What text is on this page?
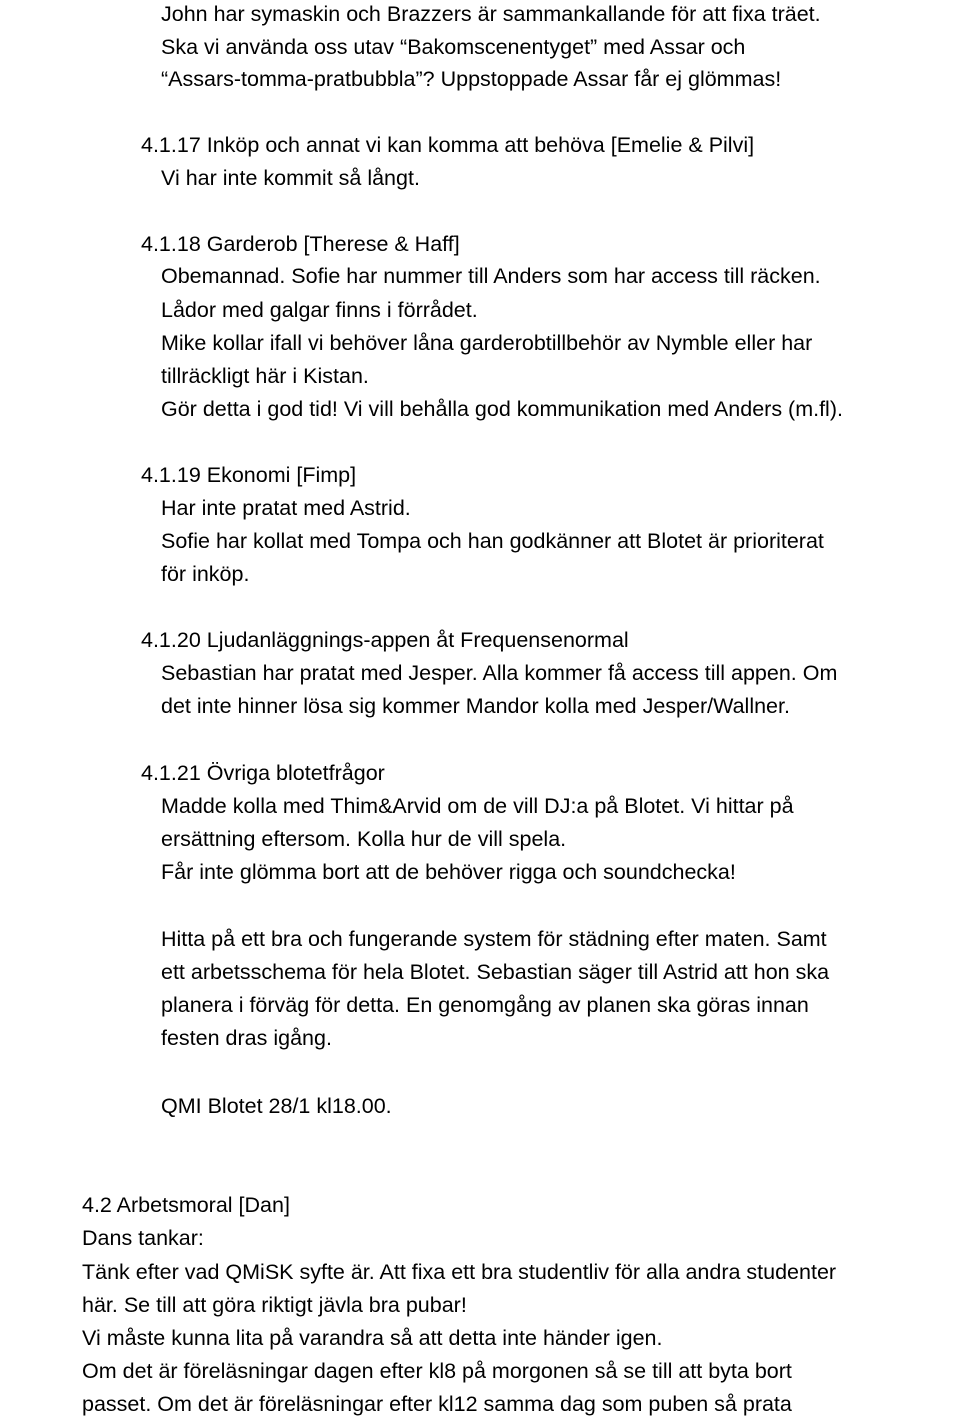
John har symaskin och Brazzers är sammankallande för att fixa träet.
Ska vi använda oss utav “Bakomscenentyget” med Assar och
“Assars-tomma-pratbubbla”? Uppstoppade Assar får ej glömmas!
4.1.17 Inköp och annat vi kan komma att behöva [Emelie & Pilvi]
Vi har inte kommit så långt.
4.1.18 Garderob [Therese & Haff]
Obemannad. Sofie har nummer till Anders som har access till räcken.
Lådor med galgar finns i förrådet.
Mike kollar ifall vi behöver låna garderobtillbehör av Nymble eller har
tillräckligt här i Kistan.
Gör detta i god tid! Vi vill behålla god kommunikation med Anders (m.fl).
4.1.19 Ekonomi [Fimp]
Har inte pratat med Astrid.
Sofie har kollat med Tompa och han godkänner att Blotet är prioriterat
för inköp.
4.1.20 Ljudanläggnings-appen åt Frequensenormal
Sebastian har pratat med Jesper. Alla kommer få access till appen. Om
det inte hinner lösa sig kommer Mandor kolla med Jesper/Wallner.
4.1.21 Övriga blotetfrågor
Madde kolla med Thim&Arvid om de vill DJ:a på Blotet. Vi hittar på
ersättning eftersom. Kolla hur de vill spela.
Får inte glömma bort att de behöver rigga och soundchecka!
Hitta på ett bra och fungerande system för städning efter maten. Samt
ett arbetsschema för hela Blotet. Sebastian säger till Astrid att hon ska
planera i förväg för detta. En genomgång av planen ska göras innan
festen dras igång.
QMI Blotet 28/1 kl18.00.
4.2 Arbetsmoral [Dan]
Dans tankar:
Tänk efter vad QMiSK syfte är. Att fixa ett bra studentliv för alla andra studenter
här. Se till att göra riktigt jävla bra pubar!
Vi måste kunna lita på varandra så att detta inte händer igen.
Om det är föreläsningar dagen efter kl8 på morgonen så se till att byta bort
passet. Om det är föreläsningar efter kl12 samma dag som puben så prata
